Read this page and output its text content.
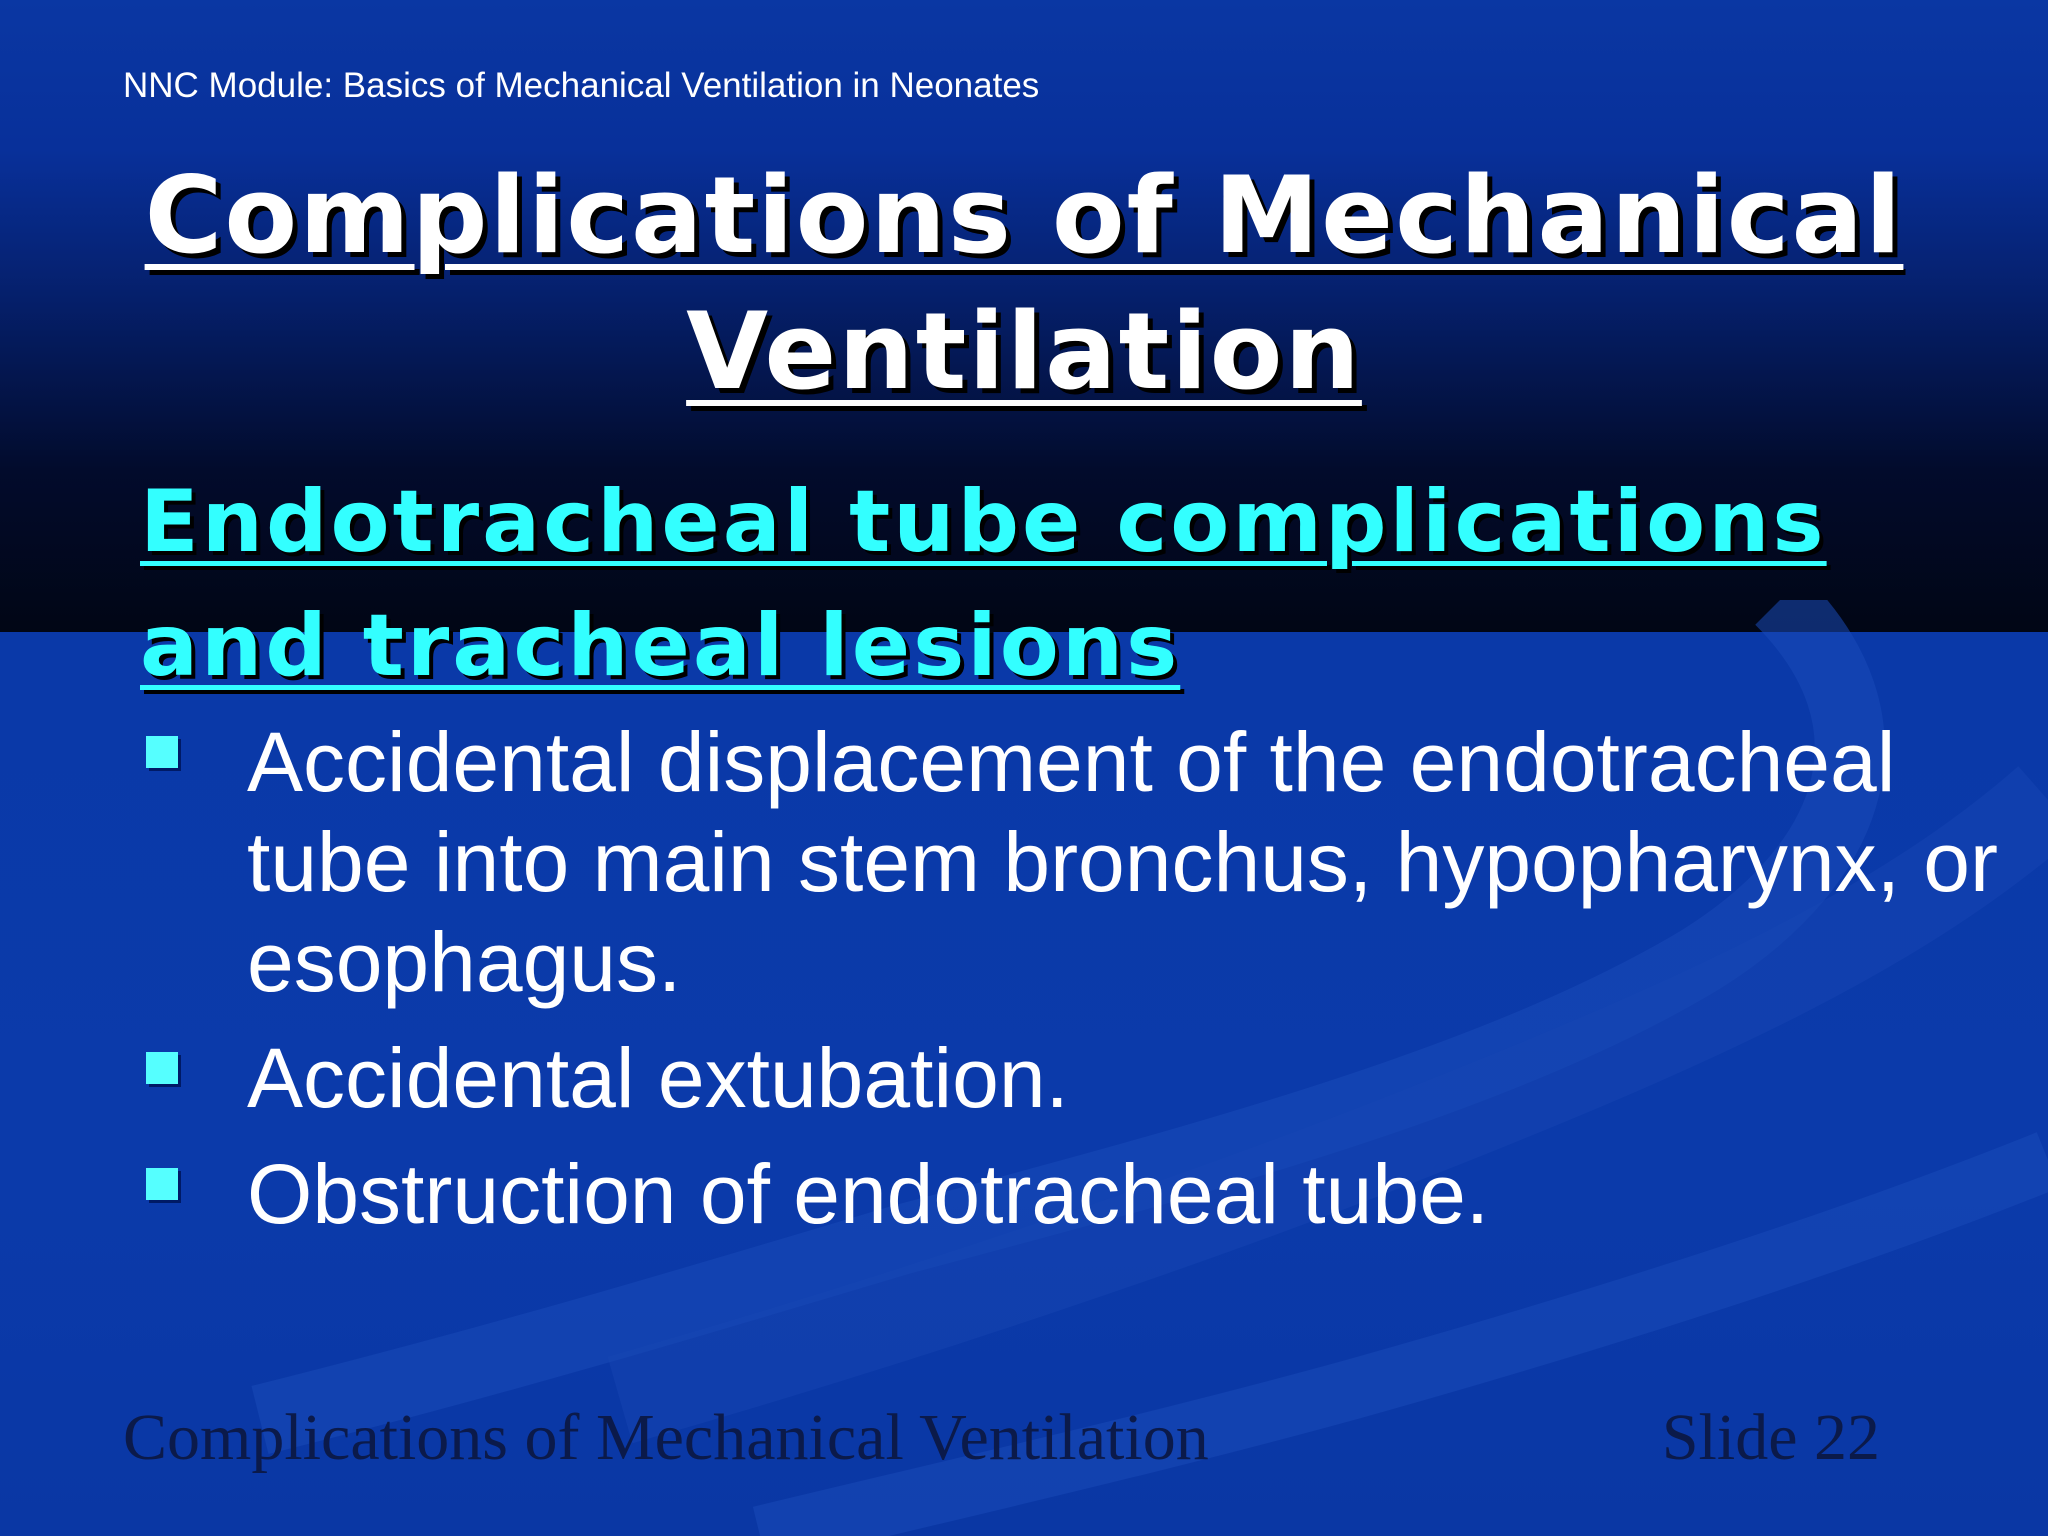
NNC Module: Basics of Mechanical Ventilation in Neonates
Complications of Mechanical
Ventilation
Endotracheal tube complications and tracheal lesions
Accidental displacement of the endotracheal tube into main stem bronchus, hypopharynx, or esophagus.
Accidental extubation.
Obstruction of endotracheal tube.
Complications of Mechanical Ventilation	Slide 22
